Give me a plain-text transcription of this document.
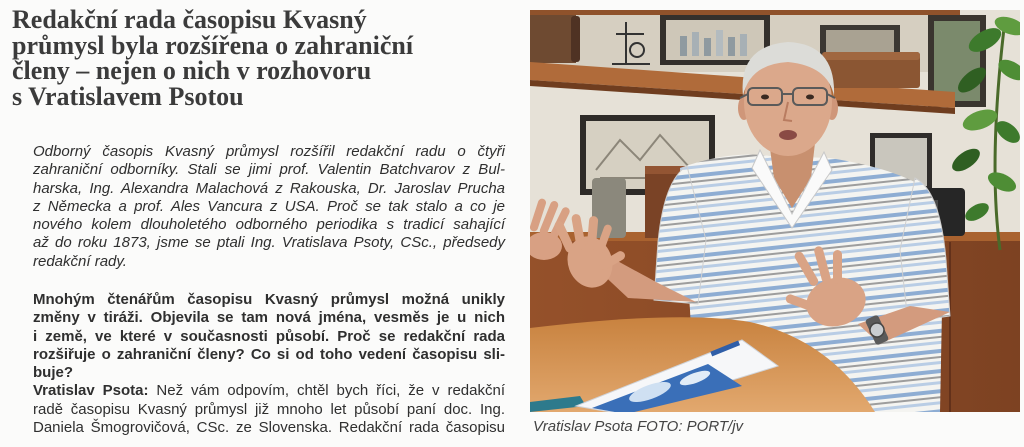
Redakční rada časopisu Kvasný
průmysl byla rozšířena o zahraniční
členy – nejen o nich v rozhovoru
s Vratislavem Psotou
Odborný časopis Kvasný průmysl rozšířil redakční radu o čtyři
zahraniční odborníky. Stali se jimi prof. Valentin Batchvarov z Bul-
harska, Ing. Alexandra Malachová z Rakouska, Dr. Jaroslav Prucha
z Německa a prof. Ales Vancura z USA. Proč se tak stalo a co je
nového kolem dlouholetého odborného periodika s tradicí sahající
až do roku 1873, jsme se ptali Ing. Vratislava Psoty, CSc., předsedy
redakční rady.
Mnohým čtenářům časopisu Kvasný průmysl možná unikly
změny v tiráži. Objevila se tam nová jména, vesměs je u nich
i země, ve které v současnosti působí. Proč se redakční rada
rozšiřuje o zahraniční členy? Co si od toho vedení časopisu sli-
buje?
Vratislav Psota: Než vám odpovím, chtěl bych říci, že v redakční
radě časopisu Kvasný průmysl již mnoho let působí paní doc. Ing.
Daniela Šmogrovičová, CSc. ze Slovenska. Redakční rada časopisu Vratislav Psota FOTO: PORT/jv
